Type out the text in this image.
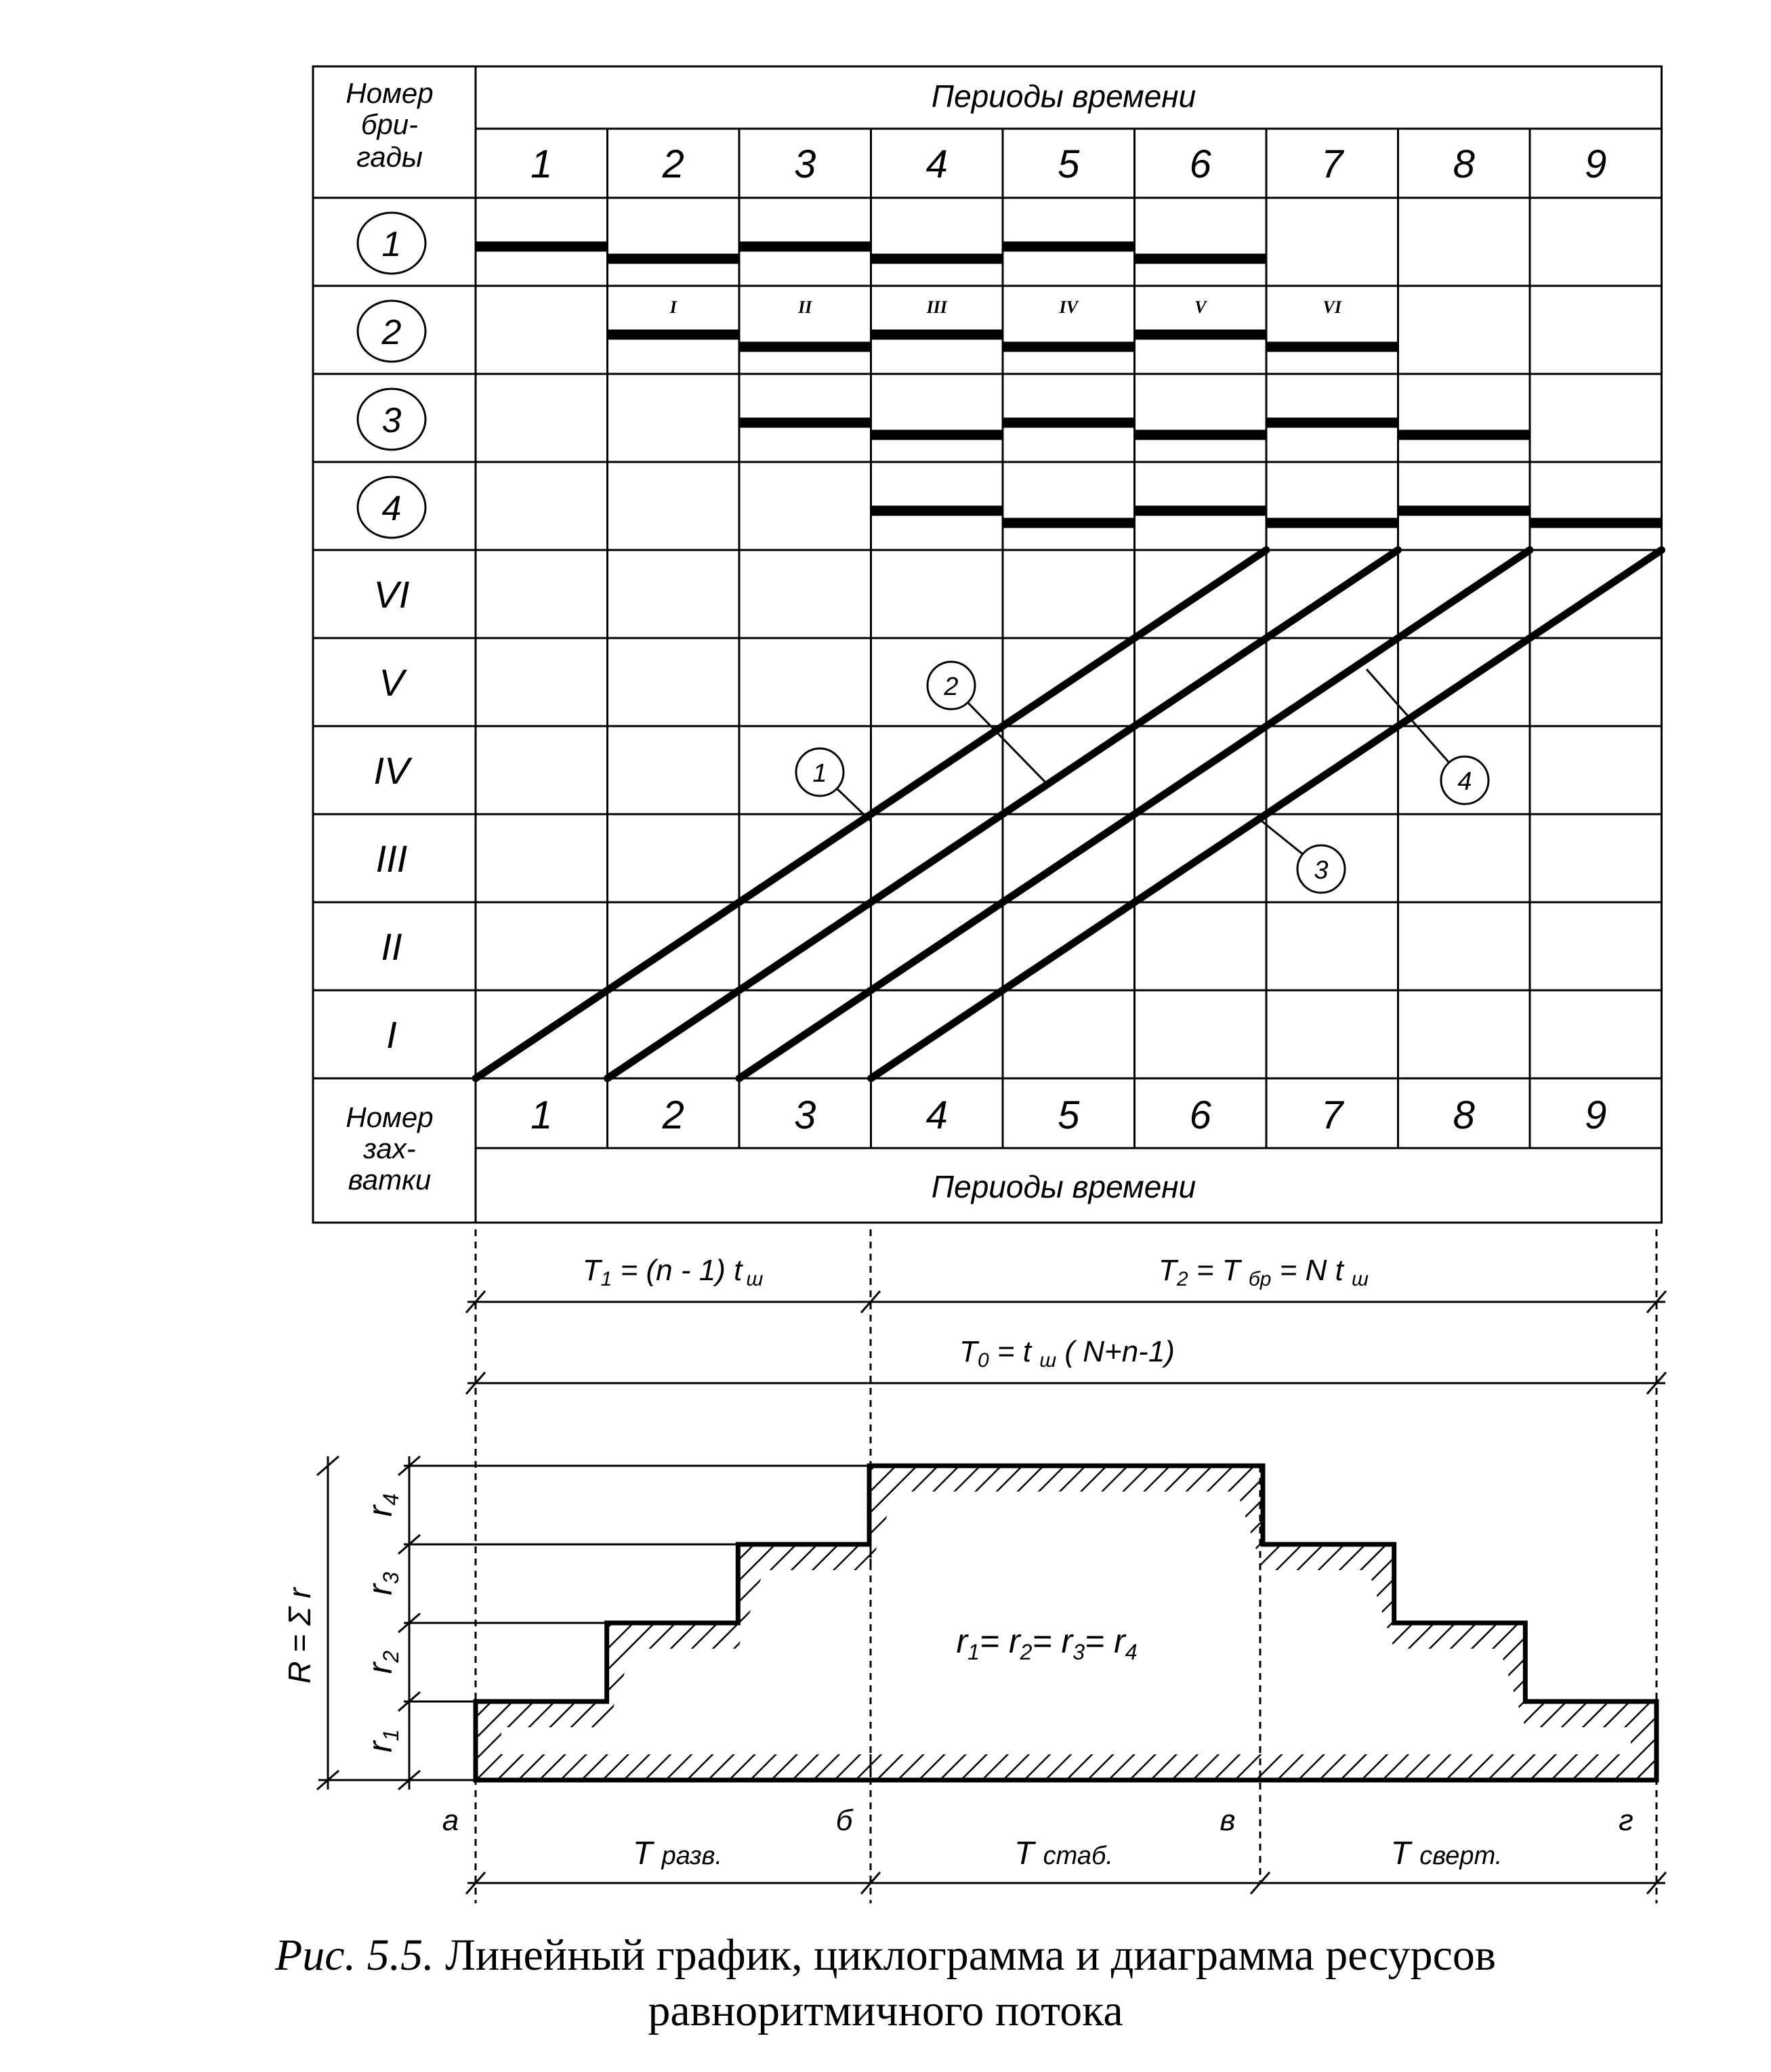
Номер
бри-
гады
Периоды времени
1	2	3	4	5	6	7	8	9
1
2
3
4
VI
V
IV
III
II
I
1	2	3	4	5	6	7	8	9
Номер
зах-
ватки	Периоды времени
I	II	III	IV	V	VI
1
2
3
4
T1 = (n - 1) t ш	T2 = T бр = N t ш
T0 = t ш ( N+n-1)
R = Σ r
$r_1$
$r_2$
$r_3$
$r_4$
$r_1= r_2= r_3= r_4$
а	б	в	г
T разв.	T стаб.	T сверт.
Рис. 5.5. Линейный график, циклограмма и диаграмма ресурсов
равноритмичного потока
